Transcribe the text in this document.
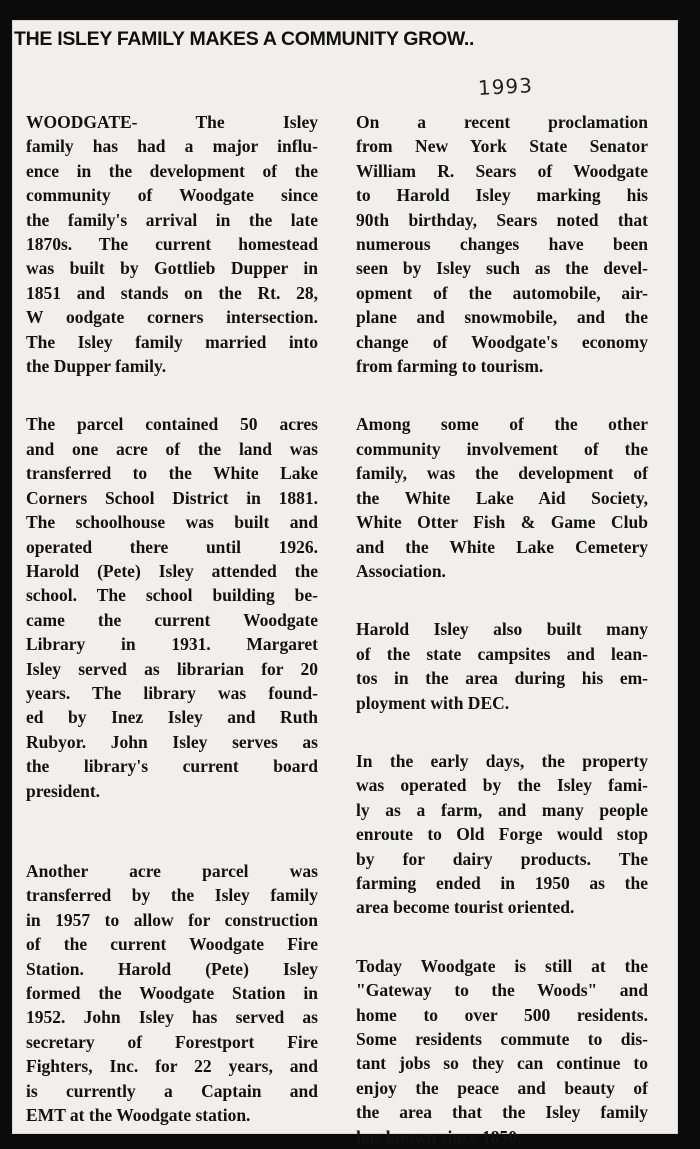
THE ISLEY FAMILY MAKES A COMMUNITY GROW..
1993
WOODGATE- The Isley
family has had a major influ-
ence in the development of the
community of Woodgate since
the family's arrival in the late
1870s. The current homestead
was built by Gottlieb Dupper in
1851 and stands on the Rt. 28,
W oodgate corners intersection.
The Isley family married into
the Dupper family.
The parcel contained 50 acres
and one acre of the land was
transferred to the White Lake
Corners School District in 1881.
The schoolhouse was built and
operated there until 1926.
Harold (Pete) Isley attended the
school. The school building be-
came the current Woodgate
Library in 1931. Margaret
Isley served as librarian for 20
years. The library was found-
ed by Inez Isley and Ruth
Rubyor. John Isley serves as
the library's current board
president.
Another acre parcel was
transferred by the Isley family
in 1957 to allow for construction
of the current Woodgate Fire
Station. Harold (Pete) Isley
formed the Woodgate Station in
1952. John Isley has served as
secretary of Forestport Fire
Fighters, Inc. for 22 years, and
is currently a Captain and
EMT at the Woodgate station.
On a recent proclamation
from New York State Senator
William R. Sears of Woodgate
to Harold Isley marking his
90th birthday, Sears noted that
numerous changes have been
seen by Isley such as the devel-
opment of the automobile, air-
plane and snowmobile, and the
change of Woodgate's economy
from farming to tourism.
Among some of the other
community involvement of the
family, was the development of
the White Lake Aid Society,
White Otter Fish & Game Club
and the White Lake Cemetery
Association.
Harold Isley also built many
of the state campsites and lean-
tos in the area during his em-
ployment with DEC.
In the early days, the property
was operated by the Isley fami-
ly as a farm, and many people
enroute to Old Forge would stop
by for dairy products. The
farming ended in 1950 as the
area become tourist oriented.
Today Woodgate is still at the
"Gateway to the Woods" and
home to over 500 residents.
Some residents commute to dis-
tant jobs so they can continue to
enjoy the peace and beauty of
the area that the Isley family
has known since 1850.
